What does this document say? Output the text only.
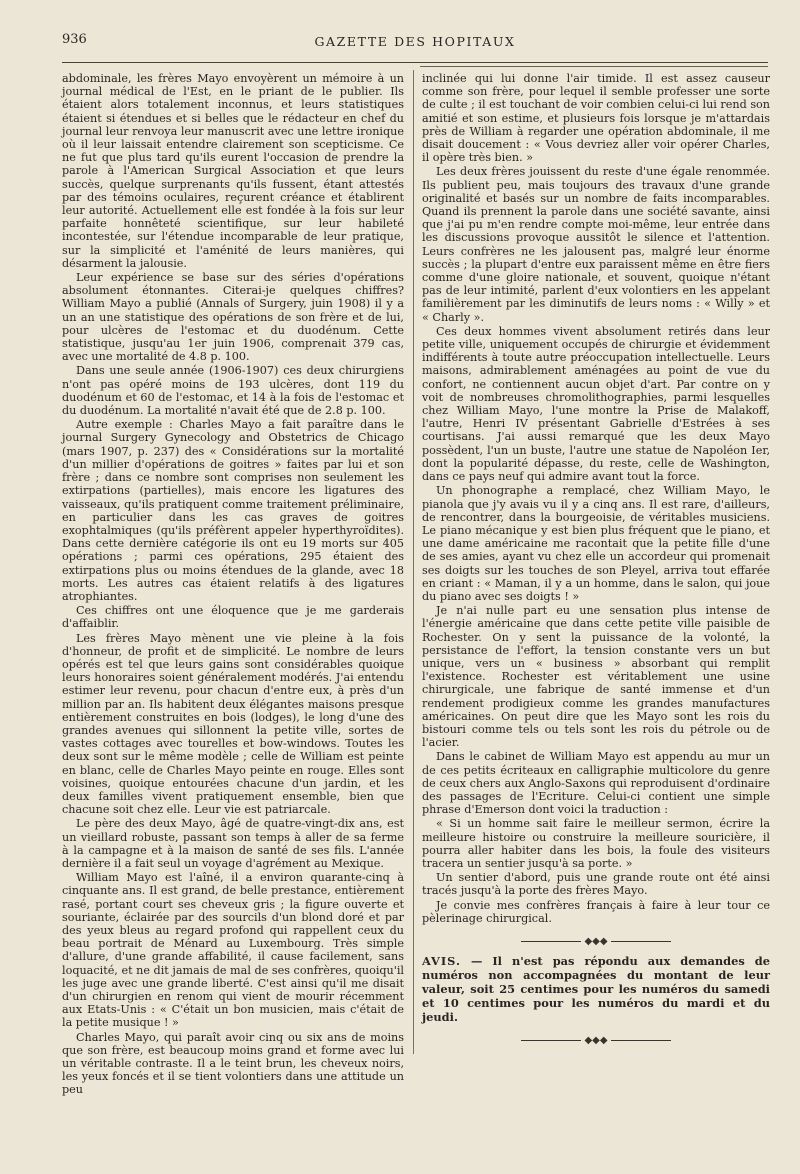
936	GAZETTE DES HOPITAUX

abdominale, les frères Mayo envoyèrent un mémoire à un journal médical de l'Est, en le priant de le publier. Ils étaient alors totalement inconnus, et leurs statistiques étaient si étendues et si belles que le rédacteur en chef du journal leur renvoya leur manuscrit avec une lettre ironique où il leur laissait entendre clairement son scepticisme. Ce ne fut que plus tard qu'ils eurent l'occasion de prendre la parole à l'American Surgical Association et que leurs succès, quelque surprenants qu'ils fussent, étant attestés par des témoins oculaires, reçurent créance et établirent leur autorité. Actuellement elle est fondée à la fois sur leur parfaite honnêteté scientifique, sur leur habileté incontestée, sur l'étendue incomparable de leur pratique, sur la simplicité et l'aménité de leurs manières, qui désarment la jalousie.

Leur expérience se base sur des séries d'opérations absolument étonnantes. Citerai-je quelques chiffres? William Mayo a publié (Annals of Surgery, juin 1908) il y a un an une statistique des opérations de son frère et de lui, pour ulcères de l'estomac et du duodénum. Cette statistique, jusqu'au 1er juin 1906, comprenait 379 cas, avec une mortalité de 4.8 p. 100.

Dans une seule année (1906-1907) ces deux chirurgiens n'ont pas opéré moins de 193 ulcères, dont 119 du duodénum et 60 de l'estomac, et 14 à la fois de l'estomac et du duodénum. La mortalité n'avait été que de 2.8 p. 100.

Autre exemple : Charles Mayo a fait paraître dans le journal Surgery Gynecology and Obstetrics de Chicago (mars 1907, p. 237) des « Considérations sur la mortalité d'un millier d'opérations de goitres » faites par lui et son frère ; dans ce nombre sont comprises non seulement les extirpations (partielles), mais encore les ligatures des vaisseaux, qu'ils pratiquent comme traitement préliminaire, en particulier dans les cas graves de goitres exophtalmiques (qu'ils préfèrent appeler hyperthyroïdites). Dans cette dernière catégorie ils ont eu 19 morts sur 405 opérations ; parmi ces opérations, 295 étaient des extirpations plus ou moins étendues de la glande, avec 18 morts. Les autres cas étaient relatifs à des ligatures atrophiantes.

Ces chiffres ont une éloquence que je me garderais d'affaiblir.

Les frères Mayo mènent une vie pleine à la fois d'honneur, de profit et de simplicité. Le nombre de leurs opérés est tel que leurs gains sont considérables quoique leurs honoraires soient généralement modérés. J'ai entendu estimer leur revenu, pour chacun d'entre eux, à près d'un million par an. Ils habitent deux élégantes maisons presque entièrement construites en bois (lodges), le long d'une des grandes avenues qui sillonnent la petite ville, sortes de vastes cottages avec tourelles et bow-windows. Toutes les deux sont sur le même modèle ; celle de William est peinte en blanc, celle de Charles Mayo peinte en rouge. Elles sont voisines, quoique entourées chacune d'un jardin, et les deux familles vivent pratiquement ensemble, bien que chacune soit chez elle. Leur vie est patriarcale.

Le père des deux Mayo, âgé de quatre-vingt-dix ans, est un vieillard robuste, passant son temps à aller de sa ferme à la campagne et à la maison de santé de ses fils. L'année dernière il a fait seul un voyage d'agrément au Mexique.

William Mayo est l'aîné, il a environ quarante-cinq à cinquante ans. Il est grand, de belle prestance, entièrement rasé, portant court ses cheveux gris ; la figure ouverte et souriante, éclairée par des sourcils d'un blond doré et par des yeux bleus au regard profond qui rappellent ceux du beau portrait de Ménard au Luxembourg. Très simple d'allure, d'une grande affabilité, il cause facilement, sans loquacité, et ne dit jamais de mal de ses confrères, quoiqu'il les juge avec une grande liberté. C'est ainsi qu'il me disait d'un chirurgien en renom qui vient de mourir récemment aux Etats-Unis : « C'était un bon musicien, mais c'était de la petite musique ! »

Charles Mayo, qui paraît avoir cinq ou six ans de moins que son frère, est beaucoup moins grand et forme avec lui un véritable contraste. Il a le teint brun, les cheveux noirs, les yeux foncés et il se tient volontiers dans une attitude un peu

inclinée qui lui donne l'air timide. Il est assez causeur comme son frère, pour lequel il semble professer une sorte de culte ; il est touchant de voir combien celui-ci lui rend son amitié et son estime, et plusieurs fois lorsque je m'attardais près de William à regarder une opération abdominale, il me disait doucement : « Vous devriez aller voir opérer Charles, il opère très bien. »

Les deux frères jouissent du reste d'une égale renommée. Ils publient peu, mais toujours des travaux d'une grande originalité et basés sur un nombre de faits incomparables. Quand ils prennent la parole dans une société savante, ainsi que j'ai pu m'en rendre compte moi-même, leur entrée dans les discussions provoque aussitôt le silence et l'attention. Leurs confrères ne les jalousent pas, malgré leur énorme succès ; la plupart d'entre eux paraissent même en être fiers comme d'une gloire nationale, et souvent, quoique n'étant pas de leur intimité, parlent d'eux volontiers en les appelant familièrement par les diminutifs de leurs noms : « Willy » et « Charly ».

Ces deux hommes vivent absolument retirés dans leur petite ville, uniquement occupés de chirurgie et évidemment indifférents à toute autre préoccupation intellectuelle. Leurs maisons, admirablement aménagées au point de vue du confort, ne contiennent aucun objet d'art. Par contre on y voit de nombreuses chromolithographies, parmi lesquelles chez William Mayo, l'une montre la Prise de Malakoff, l'autre, Henri IV présentant Gabrielle d'Estrées à ses courtisans. J'ai aussi remarqué que les deux Mayo possèdent, l'un un buste, l'autre une statue de Napoléon Ier, dont la popularité dépasse, du reste, celle de Washington, dans ce pays neuf qui admire avant tout la force.

Un phonographe a remplacé, chez William Mayo, le pianola que j'y avais vu il y a cinq ans. Il est rare, d'ailleurs, de rencontrer, dans la bourgeoisie, de véritables musiciens. Le piano mécanique y est bien plus fréquent que le piano, et une dame américaine me racontait que la petite fille d'une de ses amies, ayant vu chez elle un accordeur qui promenait ses doigts sur les touches de son Pleyel, arriva tout effarée en criant : « Maman, il y a un homme, dans le salon, qui joue du piano avec ses doigts ! »

Je n'ai nulle part eu une sensation plus intense de l'énergie américaine que dans cette petite ville paisible de Rochester. On y sent la puissance de la volonté, la persistance de l'effort, la tension constante vers un but unique, vers un « business » absorbant qui remplit l'existence. Rochester est véritablement une usine chirurgicale, une fabrique de santé immense et d'un rendement prodigieux comme les grandes manufactures américaines. On peut dire que les Mayo sont les rois du bistouri comme tels ou tels sont les rois du pétrole ou de l'acier.

Dans le cabinet de William Mayo est appendu au mur un de ces petits écriteaux en calligraphie multicolore du genre de ceux chers aux Anglo-Saxons qui reproduisent d'ordinaire des passages de l'Ecriture. Celui-ci contient une simple phrase d'Emerson dont voici la traduction :

« Si un homme sait faire le meilleur sermon, écrire la meilleure histoire ou construire la meilleure souricière, il pourra aller habiter dans les bois, la foule des visiteurs tracera un sentier jusqu'à sa porte. »

Un sentier d'abord, puis une grande route ont été ainsi tracés jusqu'à la porte des frères Mayo.

Je convie mes confrères français à faire à leur tour ce pèlerinage chirurgical.

◆◆◆
AVIS. — Il n'est pas répondu aux demandes de numéros non accompagnées du montant de leur valeur, soit 25 centimes pour les numéros du samedi et 10 centimes pour les numéros du mardi et du jeudi.
◆◆◆
